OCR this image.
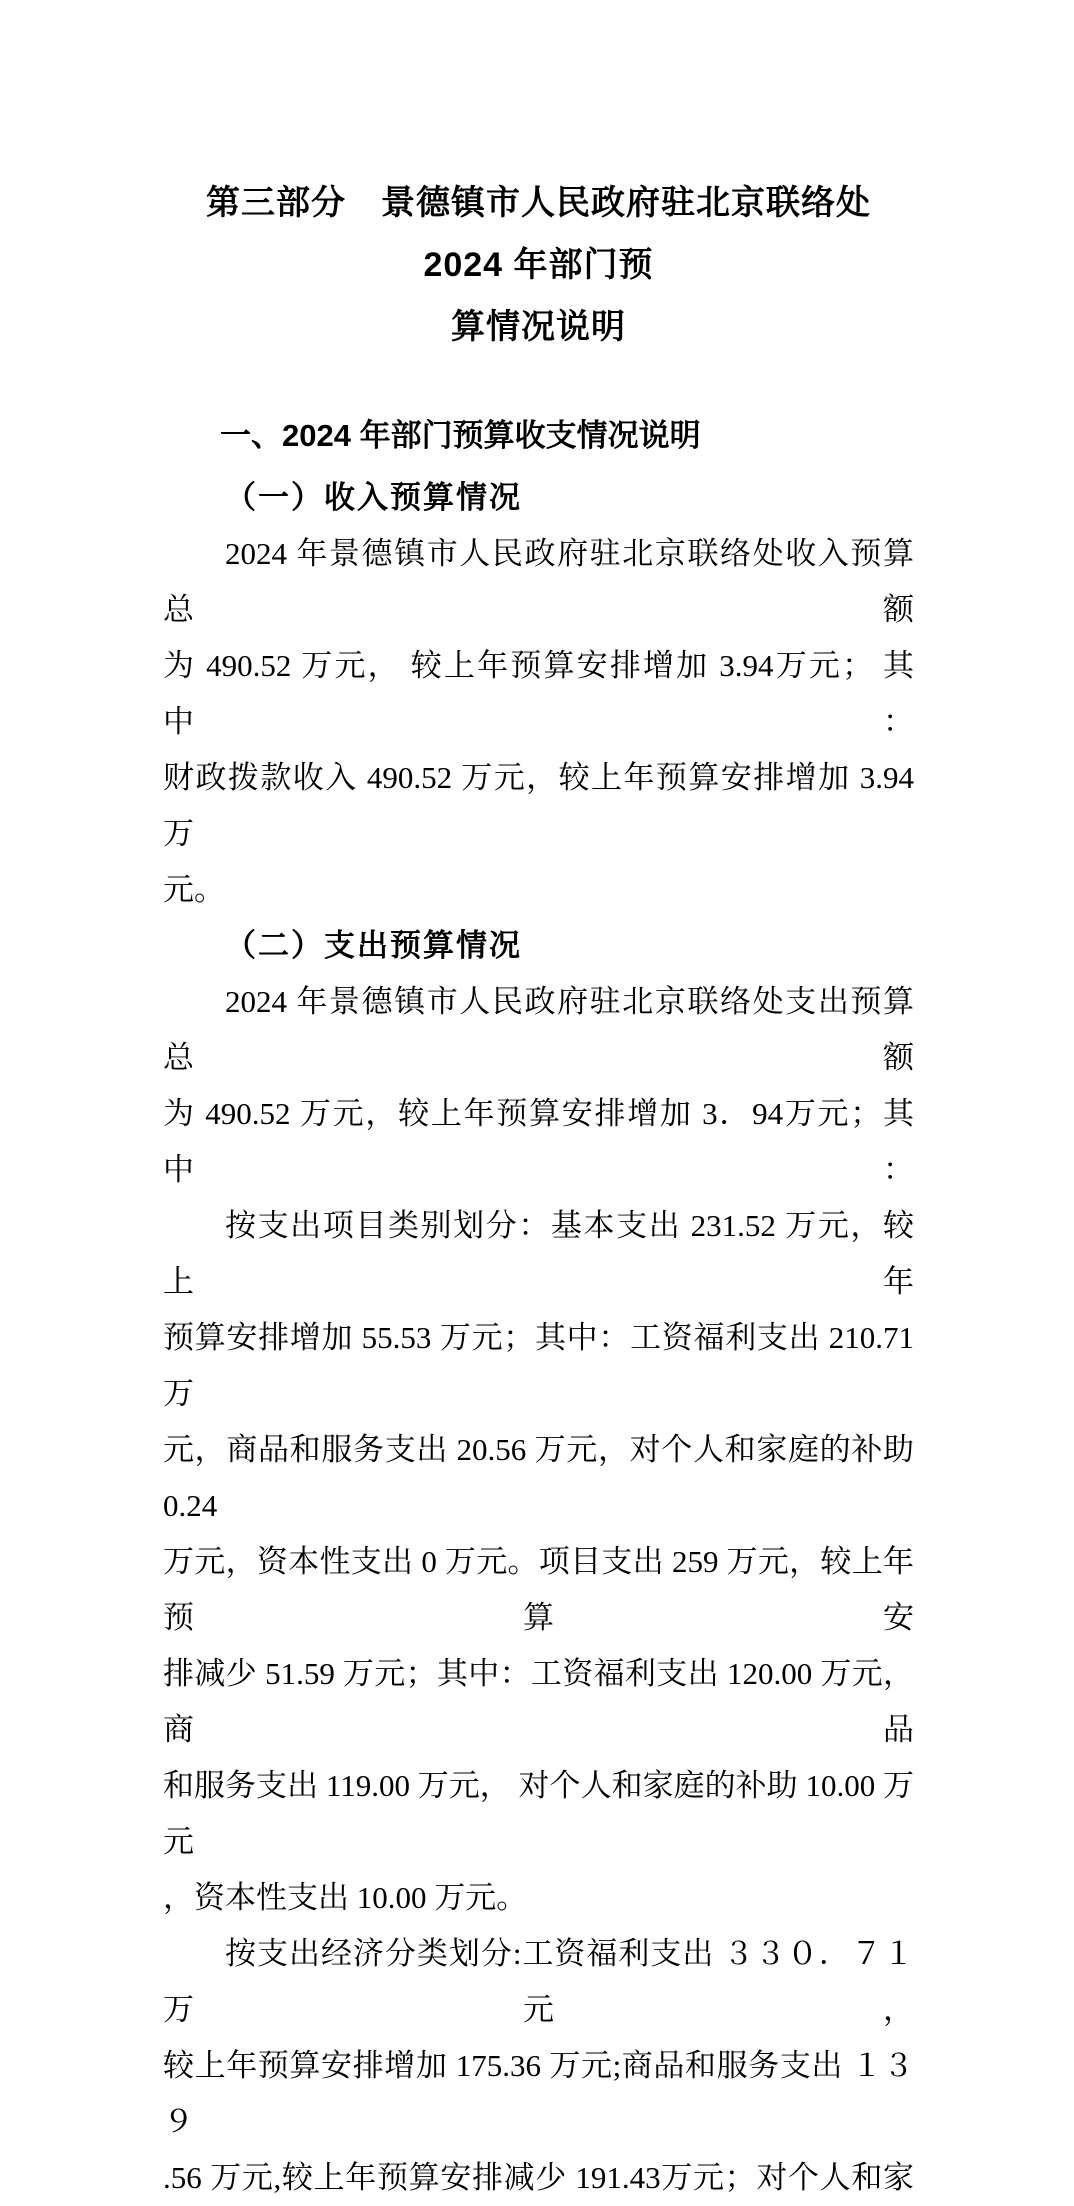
第三部分　景德镇市人民政府驻北京联络处 2024 年部门预
算情况说明
一、2024 年部门预算收支情况说明
（一）收入预算情况
2024 年景德镇市人民政府驻北京联络处收入预算总额
为 490.52 万元， 较上年预算安排增加 3.94万元； 其中：
财政拨款收入 490.52 万元，较上年预算安排增加 3.94 万
元。
（二）支出预算情况
2024 年景德镇市人民政府驻北京联络处支出预算总额
为 490.52 万元，较上年预算安排增加 3．94万元；其中：
按支出项目类别划分：基本支出 231.52 万元，较上年
预算安排增加 55.53 万元；其中：工资福利支出 210.71 万
元，商品和服务支出 20.56 万元，对个人和家庭的补助 0.24
万元，资本性支出 0 万元。项目支出 259 万元，较上年预算安
排减少 51.59 万元；其中：工资福利支出 120.00 万元，商品
和服务支出 119.00 万元， 对个人和家庭的补助 10.00 万元
，资本性支出 10.00 万元。
按支出经济分类划分:工资福利支出 ３３０．７１万元，
较上年预算安排增加 175.36 万元;商品和服务支出 １３９
.56 万元,较上年预算安排减少 191.43万元；对个人和家
